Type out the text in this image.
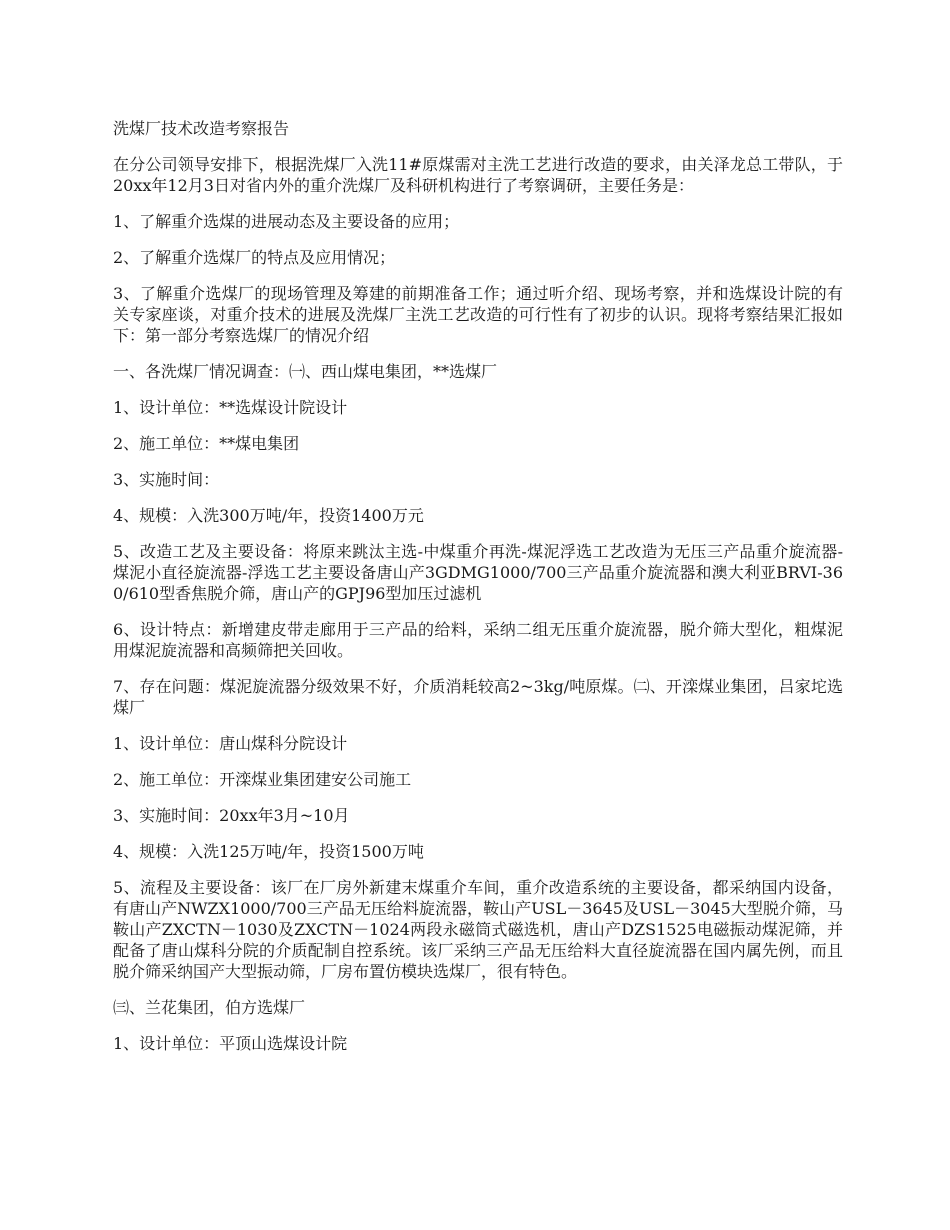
洗煤厂技术改造考察报告

在分公司领导安排下，根据洗煤厂入洗11#原煤需对主洗工艺进行改造的要求，由关泽龙总工带队，于20xx年12月3日对省内外的重介洗煤厂及科研机构进行了考察调研，主要任务是：

1、了解重介选煤的进展动态及主要设备的应用；

2、了解重介选煤厂的特点及应用情况；

3、了解重介选煤厂的现场管理及筹建的前期准备工作；通过听介绍、现场考察，并和选煤设计院的有关专家座谈，对重介技术的进展及洗煤厂主洗工艺改造的可行性有了初步的认识。现将考察结果汇报如下：第一部分考察选煤厂的情况介绍

一、各洗煤厂情况调查：㈠、西山煤电集团，**选煤厂

1、设计单位：**选煤设计院设计

2、施工单位：**煤电集团

3、实施时间：

4、规模：入洗300万吨/年，投资1400万元

5、改造工艺及主要设备：将原来跳汰主选-中煤重介再洗-煤泥浮选工艺改造为无压三产品重介旋流器-煤泥小直径旋流器-浮选工艺主要设备唐山产3GDMG1000/700三产品重介旋流器和澳大利亚BRVI-360/610型香焦脱介筛，唐山产的GPJ96型加压过滤机

6、设计特点：新增建皮带走廊用于三产品的给料，采纳二组无压重介旋流器，脱介筛大型化，粗煤泥用煤泥旋流器和高频筛把关回收。

7、存在问题：煤泥旋流器分级效果不好，介质消耗较高2~3kg/吨原煤。㈡、开滦煤业集团，吕家坨选煤厂

1、设计单位：唐山煤科分院设计

2、施工单位：开滦煤业集团建安公司施工

3、实施时间：20xx年3月~10月

4、规模：入洗125万吨/年，投资1500万吨

5、流程及主要设备：该厂在厂房外新建末煤重介车间，重介改造系统的主要设备，都采纳国内设备，有唐山产NWZX1000/700三产品无压给料旋流器，鞍山产USL－3645及USL－3045大型脱介筛，马鞍山产ZXCTN－1030及ZXCTN－1024两段永磁筒式磁选机，唐山产DZS1525电磁振动煤泥筛，并配备了唐山煤科分院的介质配制自控系统。该厂采纳三产品无压给料大直径旋流器在国内属先例，而且脱介筛采纳国产大型振动筛，厂房布置仿模块选煤厂，很有特色。

㈢、兰花集团，伯方选煤厂

1、设计单位：平顶山选煤设计院
